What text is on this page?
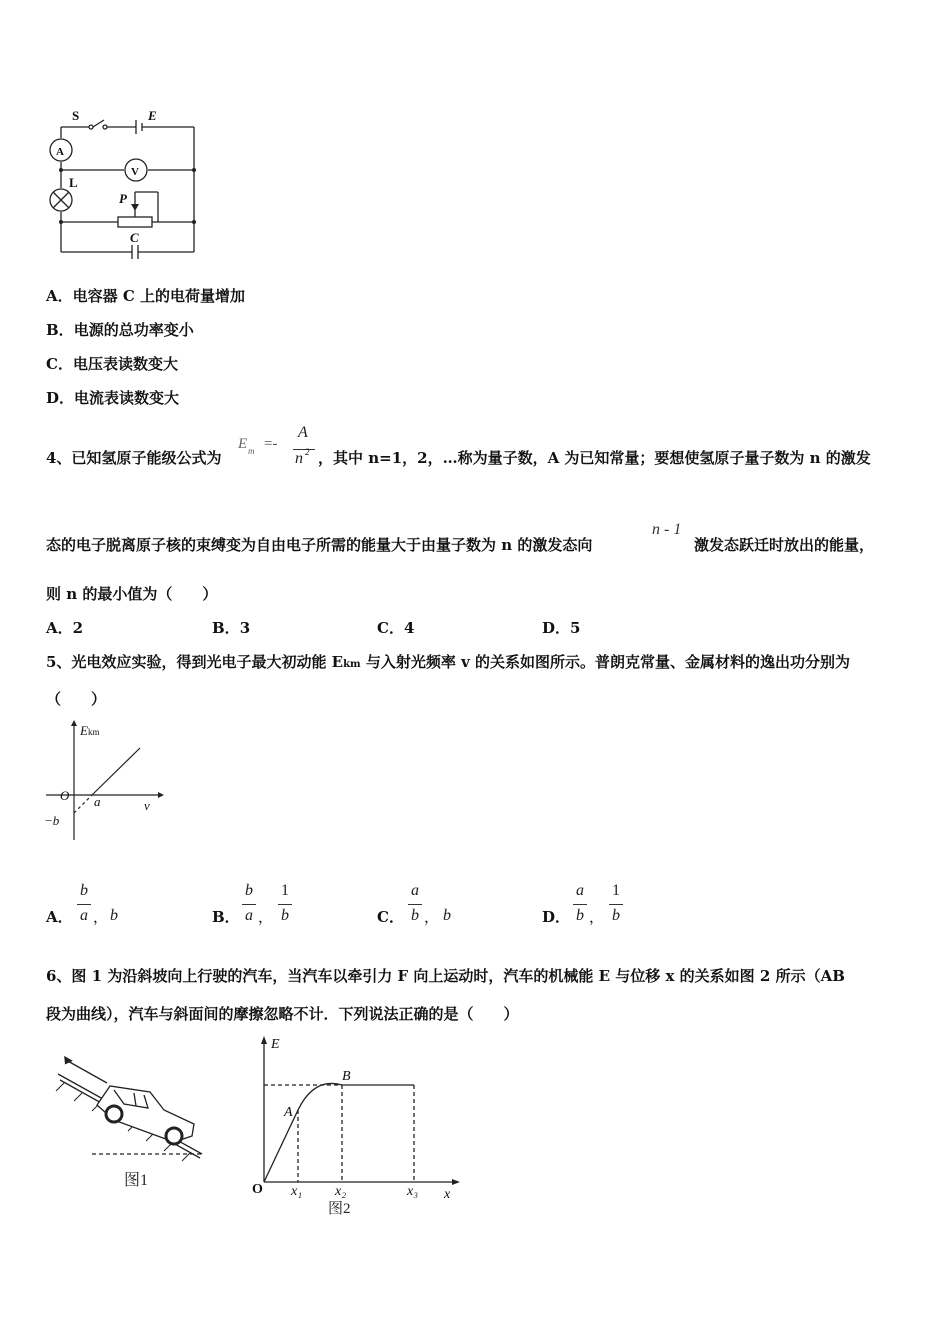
S	E
A
V
L
P
C
A．电容器 C 上的电荷量增加
B．电源的总功率变小
C．电压表读数变大
D．电流表读数变大
4、已知氢原子能级公式为
E m =-
A
n 2 ，其中 n=1，2，…称为量子数，A 为已知常量；要想使氢原子量子数为 n 的激发
态的电子脱离原子核的束缚变为自由电子所需的能量大于由量子数为 n 的激发态向
n - 1
激发态跃迁时放出的能量，
则 n 的最小值为（　　）
A．2	B．3	C．4	D．5
5、光电效应实验，得到光电子最大初动能 Ekm 与入射光频率 v 的关系如图所示。普朗克常量、金属材料的逸出功分别为
（　　）
Ekm
O a	v
−b
A．
b
a ， b	B．
b
a ，
1
b	C．
a
b ， b	D．
a
b ，
1
b
6、图 1 为沿斜坡向上行驶的汽车，当汽车以牵引力 F 向上运动时，汽车的机械能 E 与位移 x 的关系如图 2 所示（AB
段为曲线），汽车与斜面间的摩擦忽略不计．下列说法正确的是（　　）
图1
E
O
A
B
x₁ x₂	x₃ x
图2
